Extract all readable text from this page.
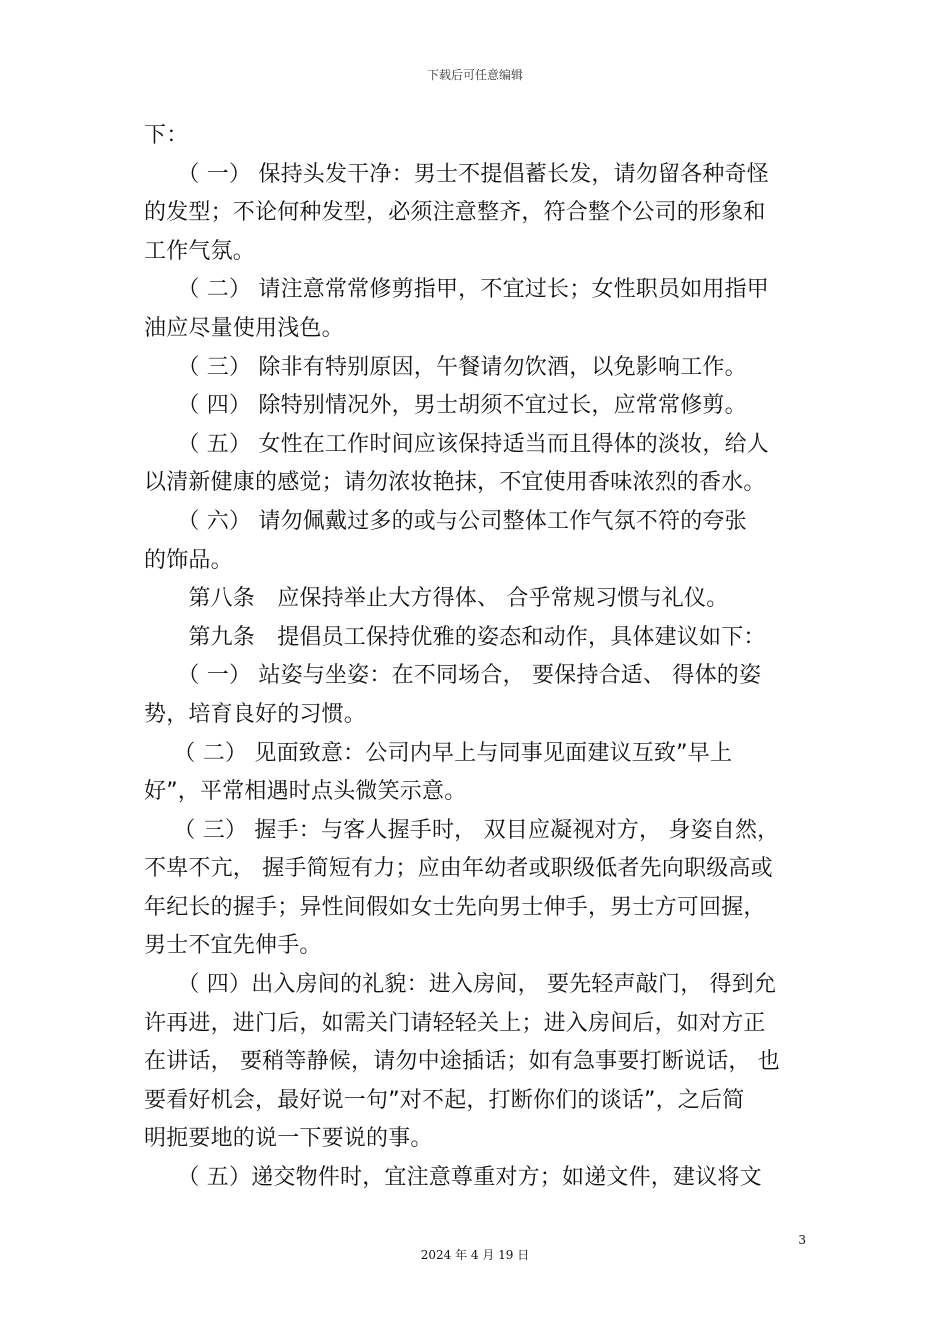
下载后可任意编辑
下：
　　（ 一） 保持头发干净：男士不提倡蓄长发，请勿留各种奇怪
的发型；不论何种发型，必须注意整齐，符合整个公司的形象和
工作气氛。
　　（ 二） 请注意常常修剪指甲，不宜过长；女性职员如用指甲
油应尽量使用浅色。
　　（ 三） 除非有特别原因，午餐请勿饮酒，以免影响工作。
　　（ 四） 除特别情况外，男士胡须不宜过长，应常常修剪。
　　（ 五） 女性在工作时间应该保持适当而且得体的淡妆，给人
以清新健康的感觉；请勿浓妆艳抹，不宜使用香味浓烈的香水。
　　（ 六） 请勿佩戴过多的或与公司整体工作气氛不符的夸张
的饰品。
　　第八条　应保持举止大方得体、 合乎常规习惯与礼仪。
　　第九条　提倡员工保持优雅的姿态和动作，具体建议如下：
　　（ 一） 站姿与坐姿：在不同场合， 要保持合适、 得体的姿
势，培育良好的习惯。
　 （ 二） 见面致意：公司内早上与同事见面建议互致”早上
好”，平常相遇时点头微笑示意。
　 （ 三） 握手：与客人握手时， 双目应凝视对方， 身姿自然，
不卑不亢， 握手简短有力；应由年幼者或职级低者先向职级高或
年纪长的握手；异性间假如女士先向男士伸手，男士方可回握，
男士不宜先伸手。
　　（ 四）出入房间的礼貌：进入房间， 要先轻声敲门， 得到允
许再进，进门后，如需关门请轻轻关上；进入房间后，如对方正
在讲话， 要稍等静候，请勿中途插话；如有急事要打断说话， 也
要看好机会，最好说一句”对不起，打断你们的谈话”，之后简
明扼要地的说一下要说的事。
　　（ 五）递交物件时，宜注意尊重对方；如递文件，建议将文
3
2024 年 4 月 19 日
